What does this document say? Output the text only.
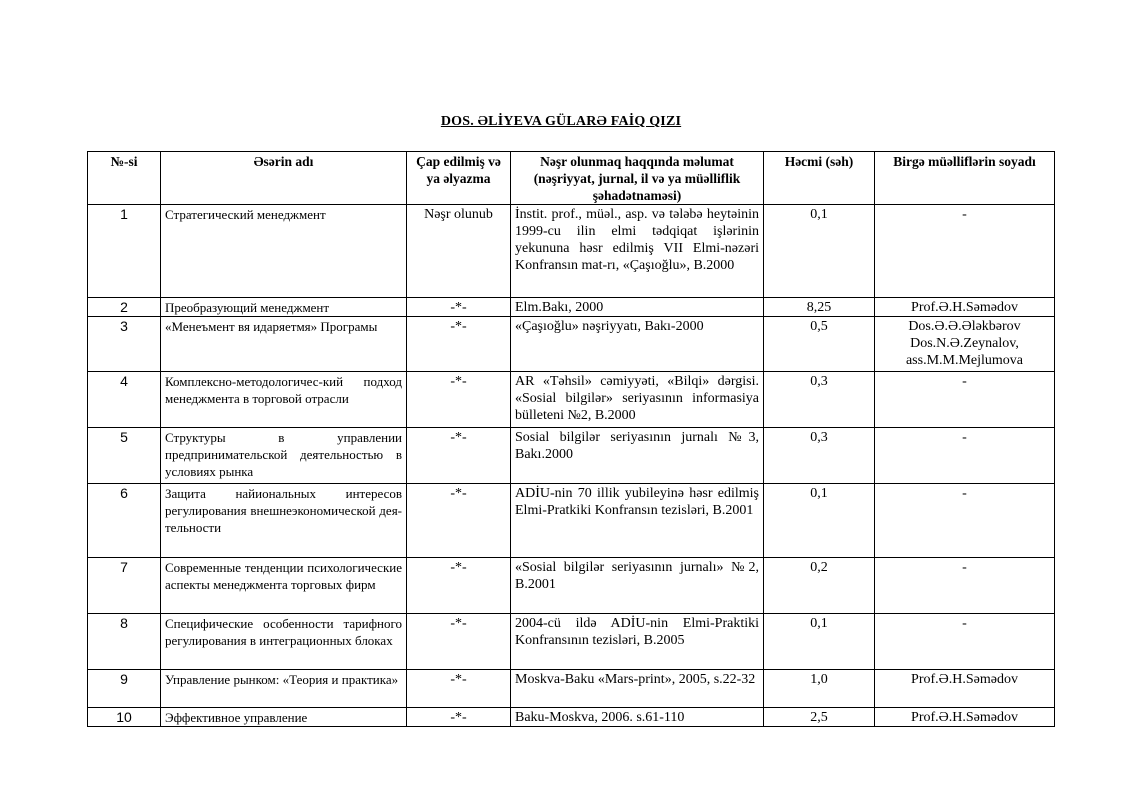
DOS. ƏLİYEVA GÜLARƏ FAİQ QIZI
№-si	Əsərin adı	Çap edilmiş və ya əlyazma	Nəşr olunmaq haqqında məlumat (nəşriyyat, jurnal, il və ya müəlliflik şəhadətnaməsi)	Həcmi (səh)	Birgə müəlliflərin soyadı
1	Стратегический менеджмент	Nəşr olunub	İnstit. prof., müəl., asp. və tələbə heytəinin 1999-cu ilin elmi tədqiqat işlərinin yekununa həsr edilmiş VII Elmi-nəzəri Konfransın mat-rı, «Çaşıoğlu», B.2000	0,1	-

2	Преобразующий менеджмент	-*-	Elm.Bakı, 2000	8,25	Prof.Ə.H.Səmədov

3	«Менеъмент вя идаряетмя» Програмы	-*-	«Çaşıoğlu» nəşriyyatı, Bakı-2000	0,5	Dos.Ə.Ə.Ələkbərov
Dos.N.Ə.Zeynalov,
ass.M.M.Mejlumova

4	Комплексно-методологичес-кий подход менеджмента в торговой отрасли	-*-	AR «Təhsil» cəmiyyəti, «Bilqi» dərgisi. «Sosial bilgilər» seriyasının informasiya bülleteni №2, B.2000	0,3	-

5	Структуры в управлении предпринимательской деятельностью в условиях рынка	-*-	Sosial bilgilər seriyasının jurnalı №3, Bakı.2000	0,3	-

6	Защита найиональных интересов регулирования внешнеэкономической дея-тельности	-*-	ADİU-nin 70 illik yubileyinə həsr edilmiş Elmi-Pratkiki Konfransın tezisləri, B.2001	0,1	-

7	Современные тенденции психологические аспекты менеджмента торговых фирм	-*-	«Sosial bilgilər seriyasının jurnalı» №2, B.2001	0,2	-

8	Специфические особенности тарифного регулирования в интеграционных блоках	-*-	2004-cü ildə ADİU-nin Elmi-Praktiki Konfransının tezisləri, B.2005	0,1	-

9	Управление рынком: «Теория и практика»	-*-	Moskva-Baku «Mars-print», 2005, s.22-32	1,0	Prof.Ə.H.Səmədov

10	Эффективное управление	-*-	Baku-Moskva, 2006. s.61-110	2,5	Prof.Ə.H.Səmədov
